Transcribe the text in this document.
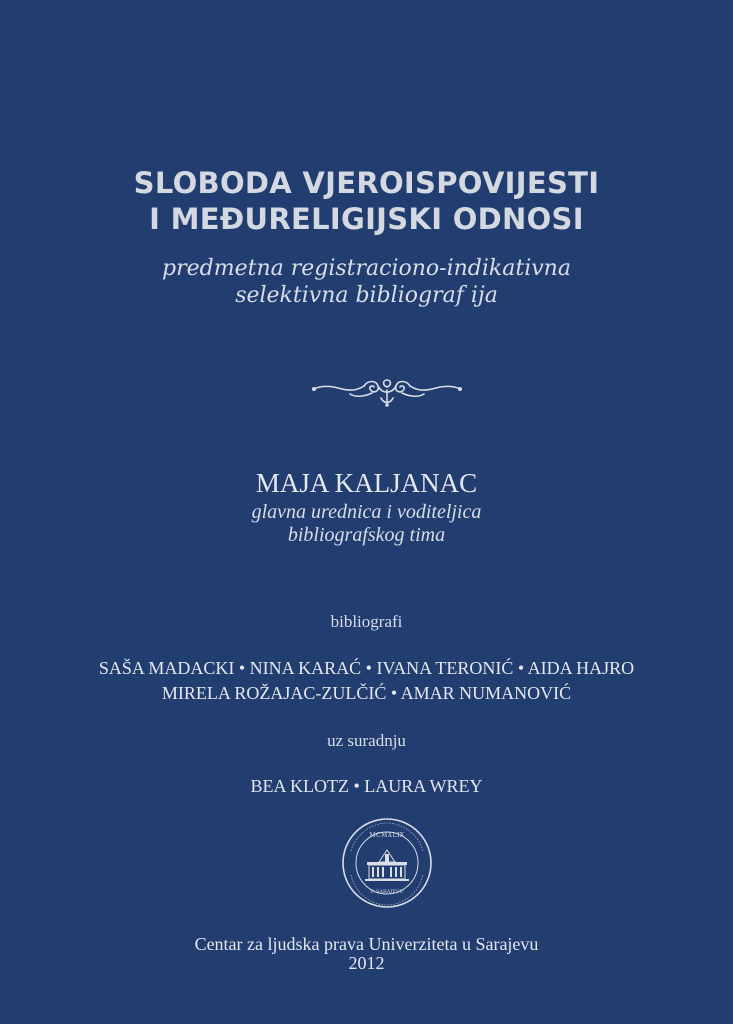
SLOBODA VJEROISPOVIJESTI
I MEĐURELIGIJSKI ODNOSI
predmetna registraciono-indikativna
selektivna bibliograf ija
MAJA KALJANAC
glavna urednica i voditeljica
bibliografskog tima
bibliografi
SAŠA MADACKI • NINA KARAĆ • IVANA TERONIĆ • AIDA HAJRO
MIRELA ROŽAJAC-ZULČIĆ • AMAR NUMANOVIĆ
uz suradnju
BEA KLOTZ • LAURA WREY
MCMXLIX
U SARAJEVU
Centar za ljudska prava Univerziteta u Sarajevu
2012
